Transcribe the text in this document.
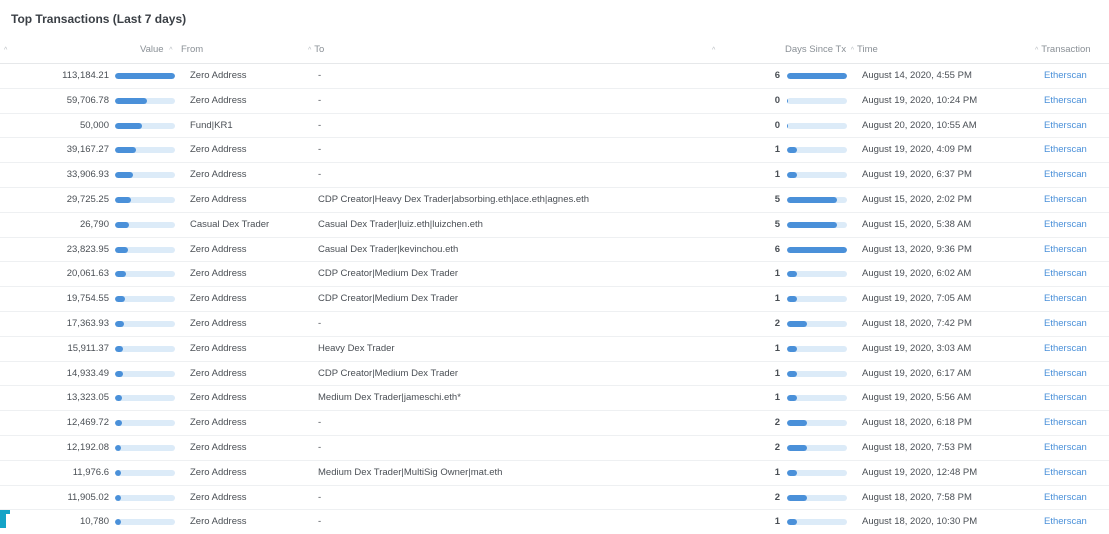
Top Transactions (Last 7 days)
^	Value ^ From	^ To	^	Days Since Tx ^ Time	^ Transaction
113,184.21	Zero Address	-	6	August 14, 2020, 4:55 PM	Etherscan
59,706.78	Zero Address	-	0	August 19, 2020, 10:24 PM	Etherscan
50,000	Fund|KR1	-	0	August 20, 2020, 10:55 AM	Etherscan
39,167.27	Zero Address	-	1	August 19, 2020, 4:09 PM	Etherscan
33,906.93	Zero Address	-	1	August 19, 2020, 6:37 PM	Etherscan
29,725.25	Zero Address	CDP Creator|Heavy Dex Trader|absorbing.eth|ace.eth|agnes.eth	5	August 15, 2020, 2:02 PM	Etherscan
26,790	Casual Dex Trader	Casual Dex Trader|luiz.eth|luizchen.eth	5	August 15, 2020, 5:38 AM	Etherscan
23,823.95	Zero Address	Casual Dex Trader|kevinchou.eth	6	August 13, 2020, 9:36 PM	Etherscan
20,061.63	Zero Address	CDP Creator|Medium Dex Trader	1	August 19, 2020, 6:02 AM	Etherscan
19,754.55	Zero Address	CDP Creator|Medium Dex Trader	1	August 19, 2020, 7:05 AM	Etherscan
17,363.93	Zero Address	-	2	August 18, 2020, 7:42 PM	Etherscan
15,911.37	Zero Address	Heavy Dex Trader	1	August 19, 2020, 3:03 AM	Etherscan
14,933.49	Zero Address	CDP Creator|Medium Dex Trader	1	August 19, 2020, 6:17 AM	Etherscan
13,323.05	Zero Address	Medium Dex Trader|jameschi.eth*	1	August 19, 2020, 5:56 AM	Etherscan
12,469.72	Zero Address	-	2	August 18, 2020, 6:18 PM	Etherscan
12,192.08	Zero Address	-	2	August 18, 2020, 7:53 PM	Etherscan
11,976.6	Zero Address	Medium Dex Trader|MultiSig Owner|mat.eth	1	August 19, 2020, 12:48 PM	Etherscan
11,905.02	Zero Address	-	2	August 18, 2020, 7:58 PM	Etherscan
10,780	Zero Address	-	1	August 18, 2020, 10:30 PM	Etherscan
